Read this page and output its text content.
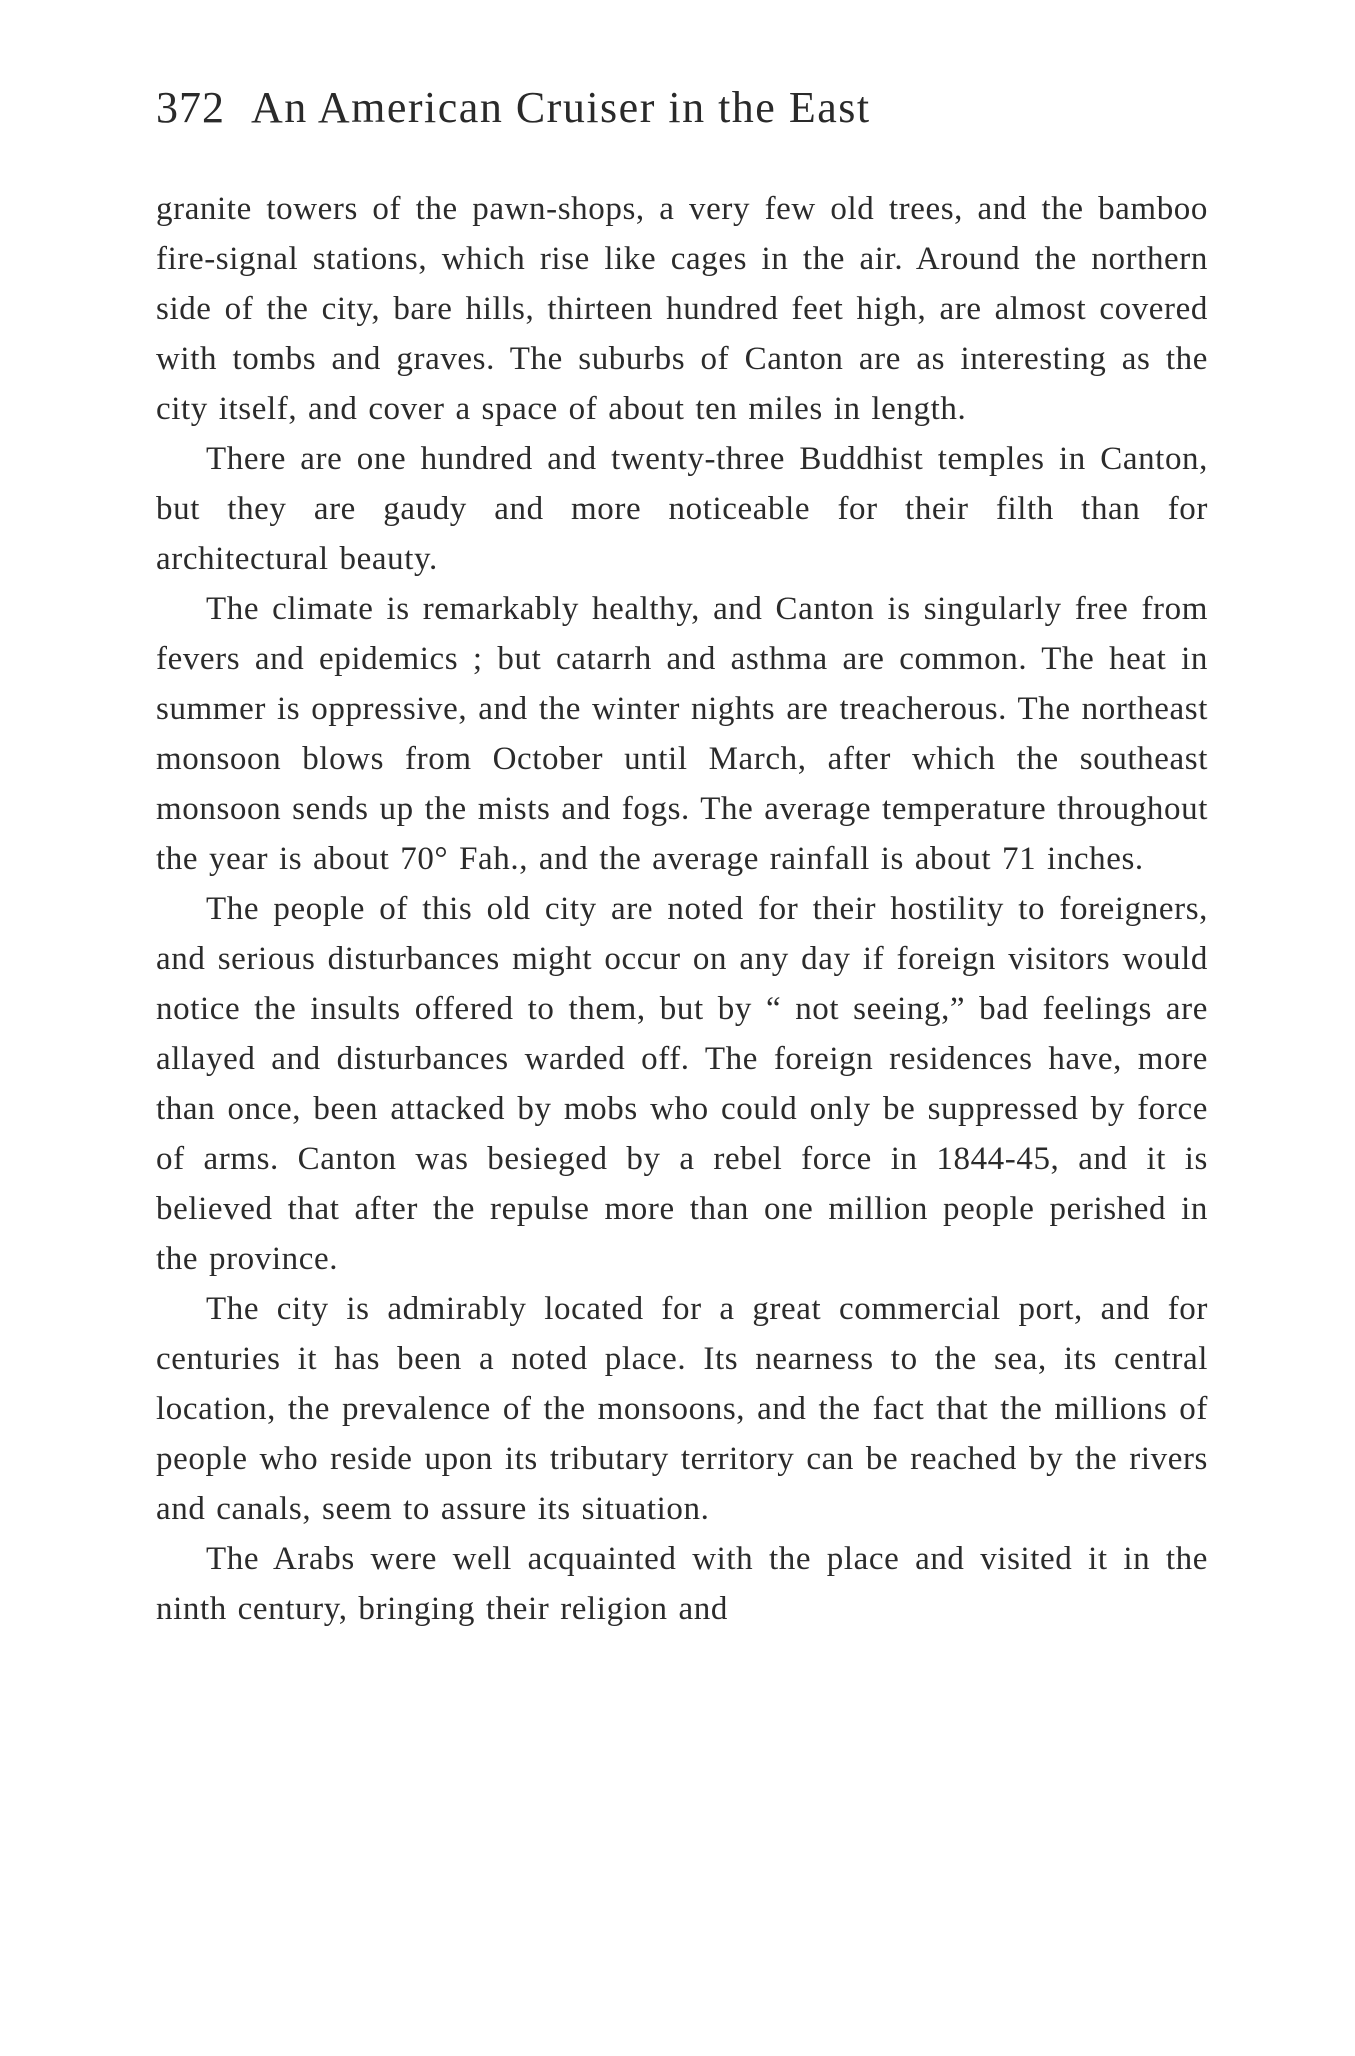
372 An American Cruiser in the East

granite towers of the pawn-shops, a very few old trees, and the bamboo fire-signal stations, which rise like cages in the air. Around the northern side of the city, bare hills, thirteen hundred feet high, are almost covered with tombs and graves. The suburbs of Canton are as interesting as the city itself, and cover a space of about ten miles in length.

There are one hundred and twenty-three Buddhist temples in Canton, but they are gaudy and more noticeable for their filth than for architectural beauty.

The climate is remarkably healthy, and Canton is singularly free from fevers and epidemics ; but catarrh and asthma are common. The heat in summer is oppressive, and the winter nights are treacherous. The northeast monsoon blows from October until March, after which the southeast monsoon sends up the mists and fogs. The average temperature throughout the year is about 70° Fah., and the average rainfall is about 71 inches.

The people of this old city are noted for their hostility to foreigners, and serious disturbances might occur on any day if foreign visitors would notice the insults offered to them, but by “ not seeing,” bad feelings are allayed and disturbances warded off. The foreign residences have, more than once, been attacked by mobs who could only be suppressed by force of arms. Canton was besieged by a rebel force in 1844-45, and it is believed that after the repulse more than one million people perished in the province.

The city is admirably located for a great commercial port, and for centuries it has been a noted place. Its nearness to the sea, its central location, the prevalence of the monsoons, and the fact that the millions of people who reside upon its tributary territory can be reached by the rivers and canals, seem to assure its situation.

The Arabs were well acquainted with the place and visited it in the ninth century, bringing their religion and
